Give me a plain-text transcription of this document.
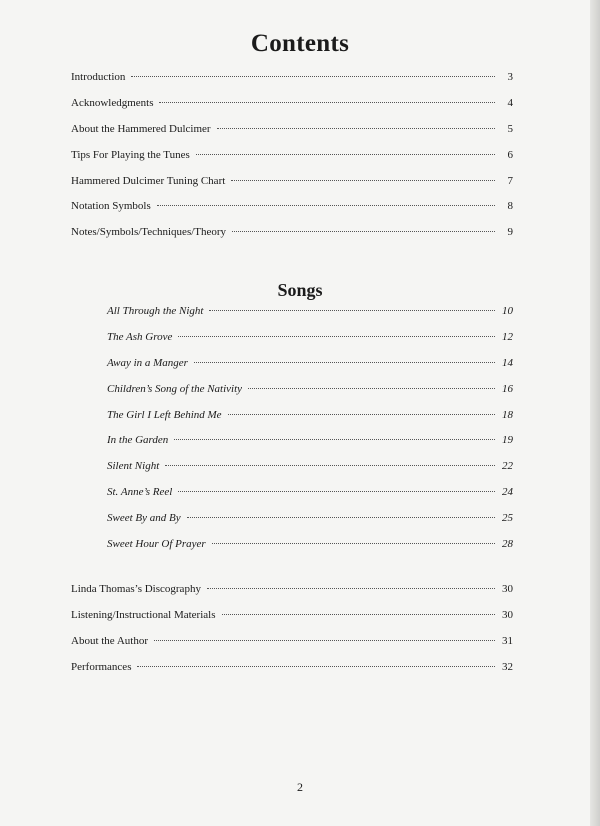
Contents
Introduction	3
Acknowledgments	4
About the Hammered Dulcimer	5
Tips For Playing the Tunes	6
Hammered Dulcimer Tuning Chart	7
Notation Symbols	8
Notes/Symbols/Techniques/Theory	9
Songs
All Through the Night	10
The Ash Grove	12
Away in a Manger	14
Children’s Song of the Nativity	16
The Girl I Left Behind Me	18
In the Garden	19
Silent Night	22
St. Anne’s Reel	24
Sweet By and By	25
Sweet Hour Of Prayer	28
Linda Thomas’s Discography	30
Listening/Instructional Materials	30
About the Author	31
Performances	32
2
